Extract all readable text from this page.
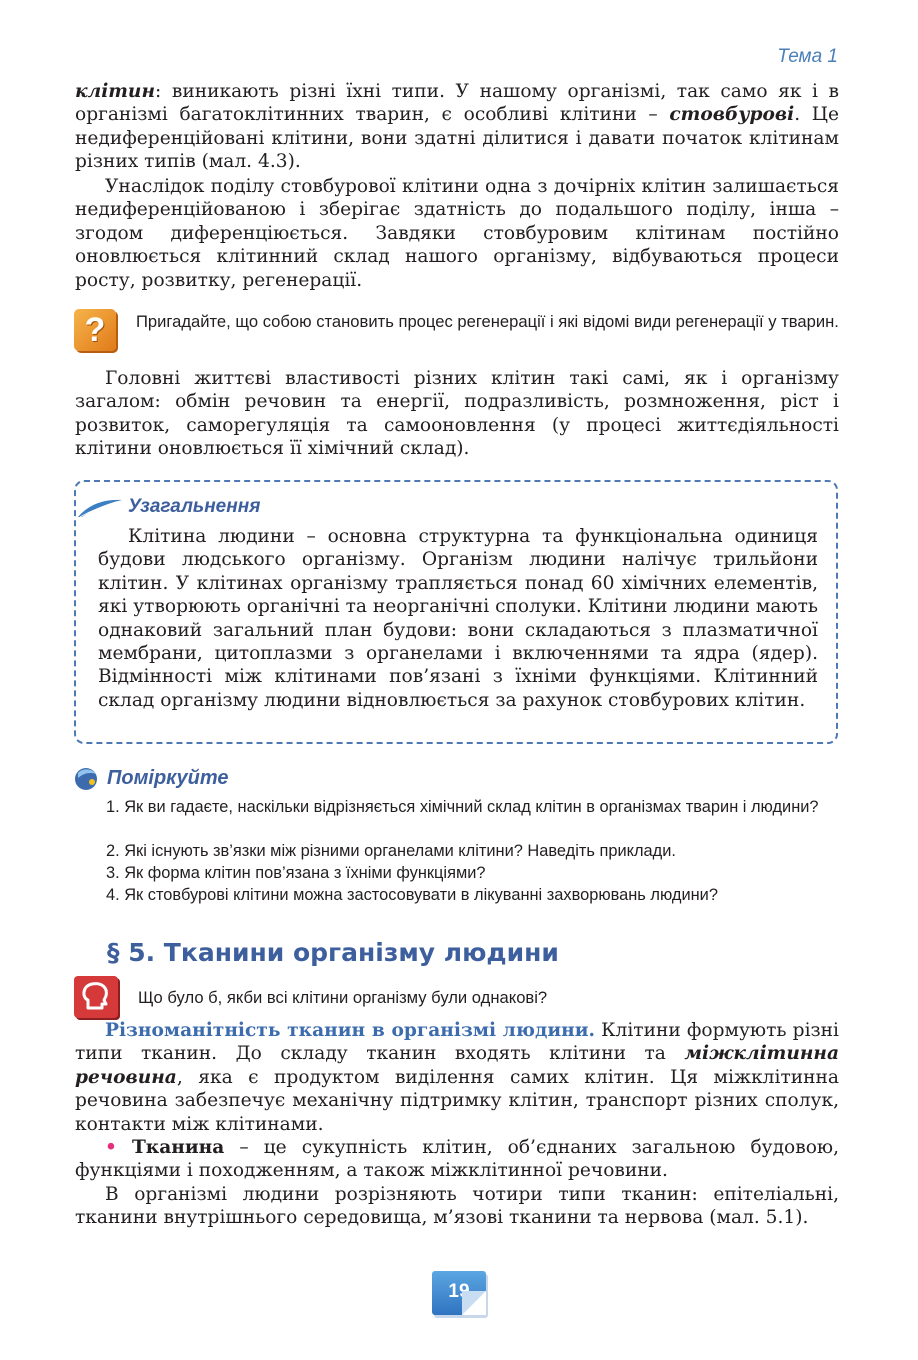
Тема 1

клітин: виникають різні їхні типи. У нашому організмі, так само як і в організмі багатоклітинних тварин, є особливі клітини – стовбурові. Це недиференційовані клітини, вони здатні ділитися і давати початок клітинам різних типів (мал. 4.3).

Унаслідок поділу стовбурової клітини одна з дочірніх клітин залишається недиференційованою і зберігає здатність до подальшого поділу, інша – згодом диференціюється. Завдяки стовбуровим клітинам постійно оновлюється клітинний склад нашого організму, відбуваються процеси росту, розвитку, регенерації.

?	Пригадайте, що собою становить процес регенерації і які відомі види регенерації у тварин.

Головні життєві властивості різних клітин такі самі, як і організму загалом: обмін речовин та енергії, подразливість, розмноження, ріст і розвиток, саморегуляція та самооновлення (у процесі життєдіяльності клітини оновлюється її хімічний склад).

Узагальнення

Клітина людини – основна структурна та функціональна одиниця будови людського організму. Організм людини налічує трильйони клітин. У клітинах організму трапляється понад 60 хімічних елементів, які утворюють органічні та неорганічні сполуки. Клітини людини мають однаковий загальний план будови: вони складаються з плазматичної мембрани, цитоплазми з органелами і включеннями та ядра (ядер). Відмінності між клітинами пов’язані з їхніми функціями. Клітинний склад організму людини відновлюється за рахунок стовбурових клітин.

Поміркуйте

1. Як ви гадаєте, наскільки відрізняється хімічний склад клітин в організмах тварин і людини?

2. Які існують зв’язки між різними органелами клітини? Наведіть приклади.

3. Як форма клітин пов’язана з їхніми функціями?

4. Як стовбурові клітини можна застосовувати в лікуванні захворювань людини?

§ 5. Тканини організму людини

Що було б, якби всі клітини організму були однакові?

Різноманітність тканин в організмі людини. Клітини формують різні типи тканин. До складу тканин входять клітини та міжклітинна речовина, яка є продуктом виділення самих клітин. Ця міжклітинна речовина забезпечує механічну підтримку клітин, транспорт різних сполук, контакти між клітинами.

• Тканина – це сукупність клітин, об’єднаних загальною будовою, функціями і походженням, а також міжклітинної речовини.

В організмі людини розрізняють чотири типи тканин: епітеліальні, тканини внутрішнього середовища, м’язові тканини та нервова (мал. 5.1).

19
